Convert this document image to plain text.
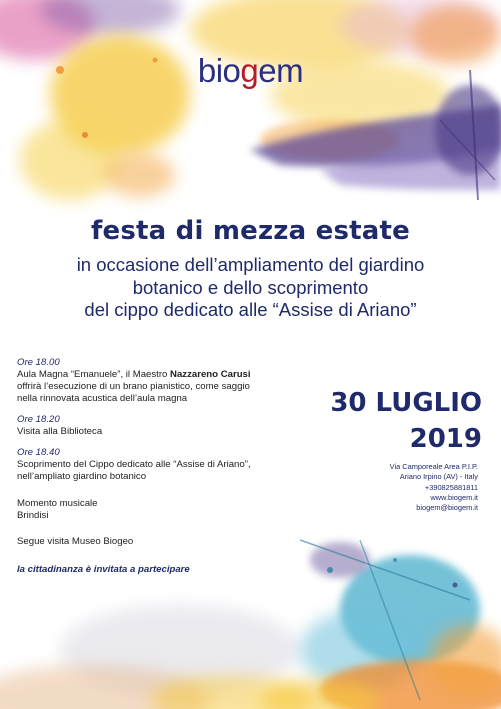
biogem
festa di mezza estate
in occasione dell’ampliamento del giardino
botanico e dello scoprimento
del cippo dedicato alle “Assise di Ariano”
Ore 18.00
Aula Magna “Emanuele”, il Maestro Nazzareno Carusi
offrirà l’esecuzione di un brano pianistico, come saggio
nella rinnovata acustica dell’aula magna
Ore 18.20
Visita alla Biblioteca
Ore 18.40
Scoprimento del Cippo dedicato alle “Assise di Ariano”,
nell’ampliato giardino botanico
Momento musicale
Brindisi
Segue visita Museo Biogeo
la cittadinanza è invitata a partecipare
30 LUGLIO
2019
Via Camporeale Area P.I.P.
Ariano Irpino (AV) - Italy
+390825881811
www.biogem.it
biogem@biogem.it
